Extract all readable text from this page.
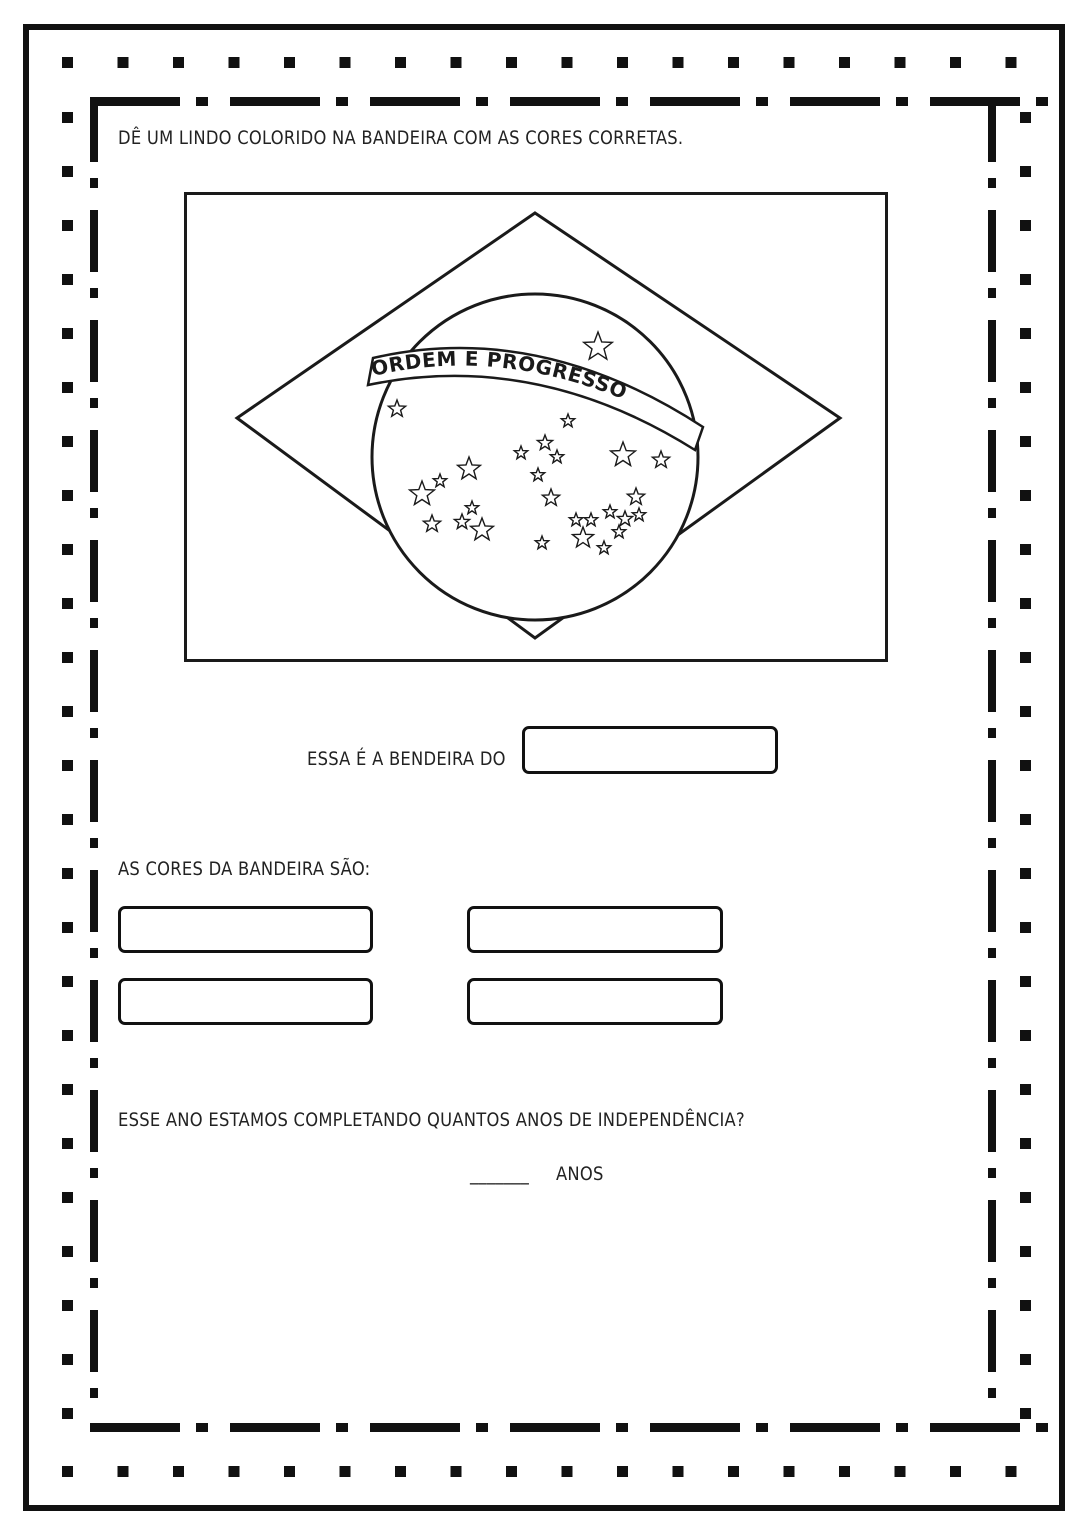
DÊ UM LINDO COLORIDO NA BANDEIRA COM AS CORES CORRETAS.
ORDEM E PROGRESSO
ESSA É A BENDEIRA DO
AS CORES DA BANDEIRA SÃO:
ESSE ANO ESTAMOS COMPLETANDO QUANTOS ANOS DE INDEPENDÊNCIA?
_______ ANOS
